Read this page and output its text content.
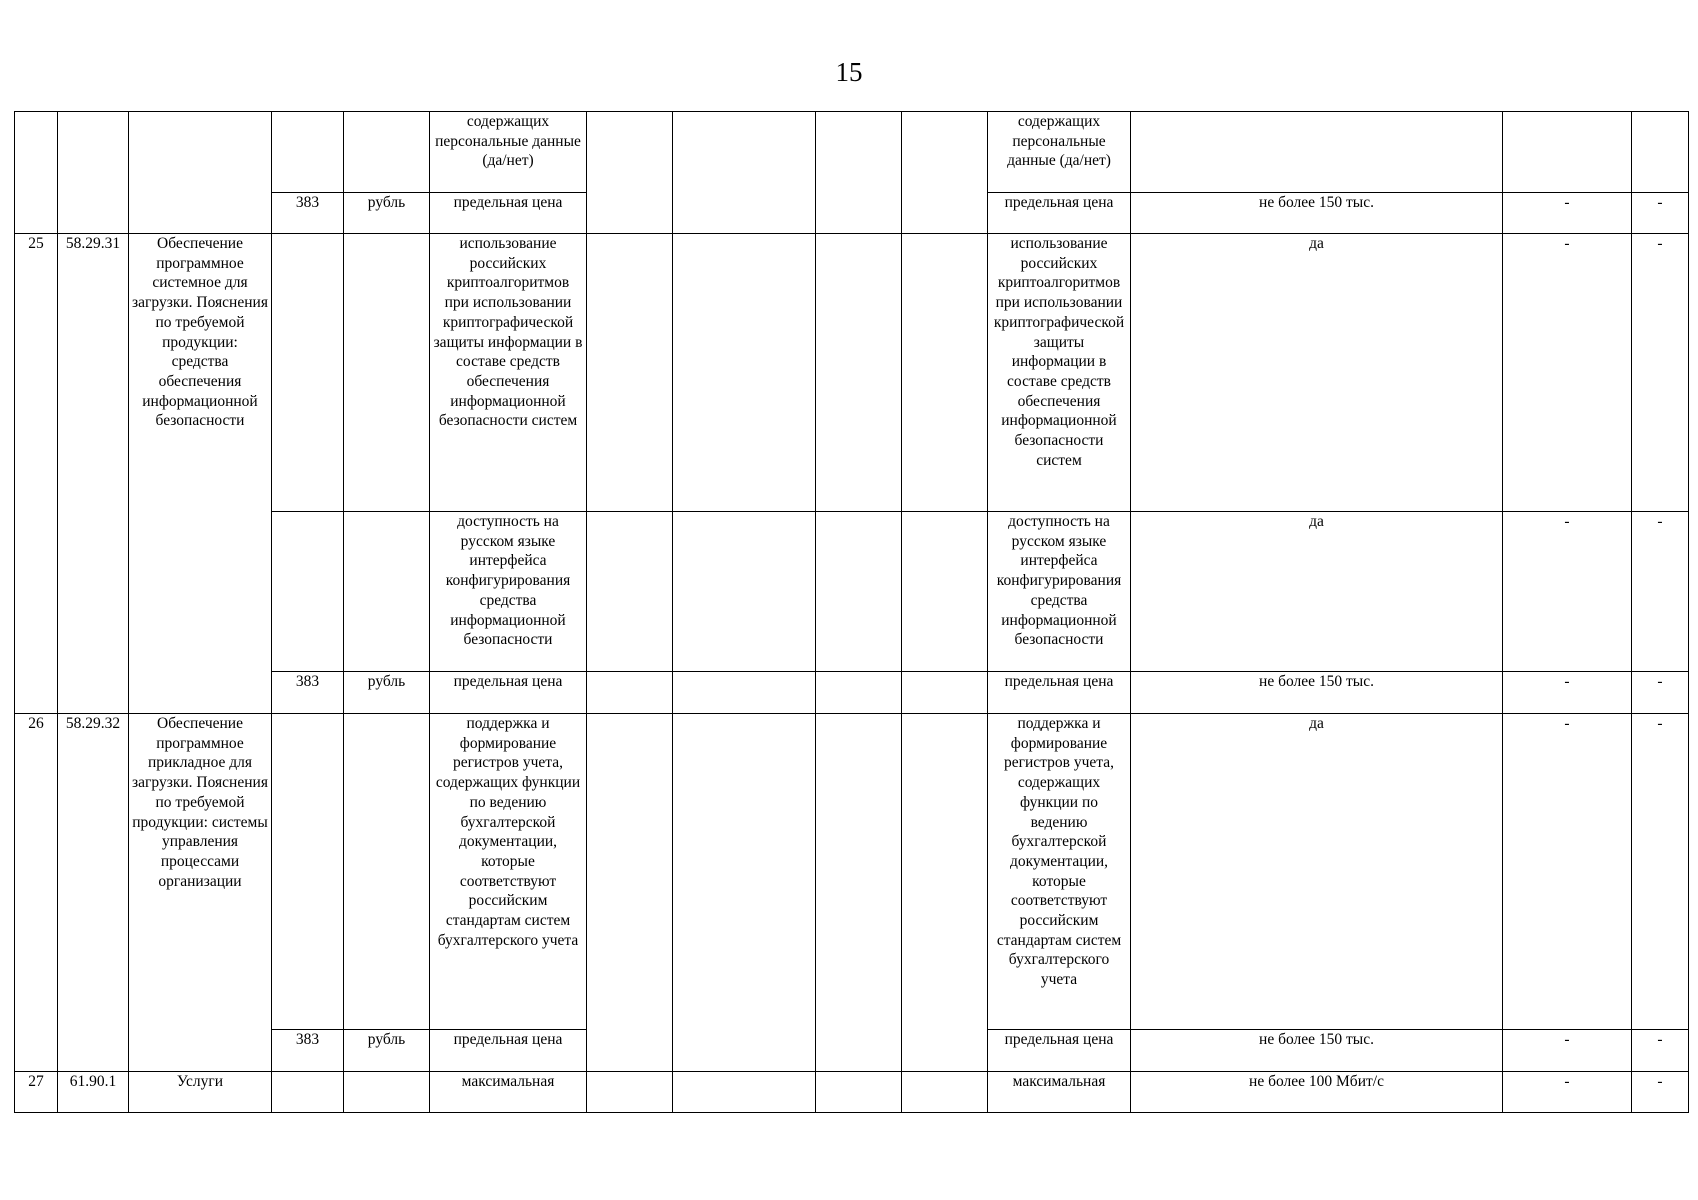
15
					содержащих персональные данные (да/нет)					содержащих персональные данные (да/нет)			
			383	рубль	предельная цена					предельная цена	не более 150 тыс.	-	-
25	58.29.31	Обеспечение программное системное для загрузки. Пояснения по требуемой продукции: средства обеспечения информационной безопасности			использование российских криптоалгоритмов при использовании криптографической защиты информации в составе средств обеспечения информационной безопасности систем					использование российских криптоалгоритмов при использовании криптографической защиты информации в составе средств обеспечения информационной безопасности систем	да	-	-
					доступность на русском языке интерфейса конфигурирования средства информационной безопасности					доступность на русском языке интерфейса конфигурирования средства информационной безопасности	да	-	-
			383	рубль	предельная цена					предельная цена	не более 150 тыс.	-	-
26	58.29.32	Обеспечение программное прикладное для загрузки. Пояснения по требуемой продукции: системы управления процессами организации			поддержка и формирование регистров учета, содержащих функции по ведению бухгалтерской документации, которые соответствуют российским стандартам систем бухгалтерского учета					поддержка и формирование регистров учета, содержащих функции по ведению бухгалтерской документации, которые соответствуют российским стандартам систем бухгалтерского учета	да	-	-
			383	рубль	предельная цена					предельная цена	не более 150 тыс.	-	-
27	61.90.1	Услуги			максимальная					максимальная	не более 100 Мбит/с	-	-
